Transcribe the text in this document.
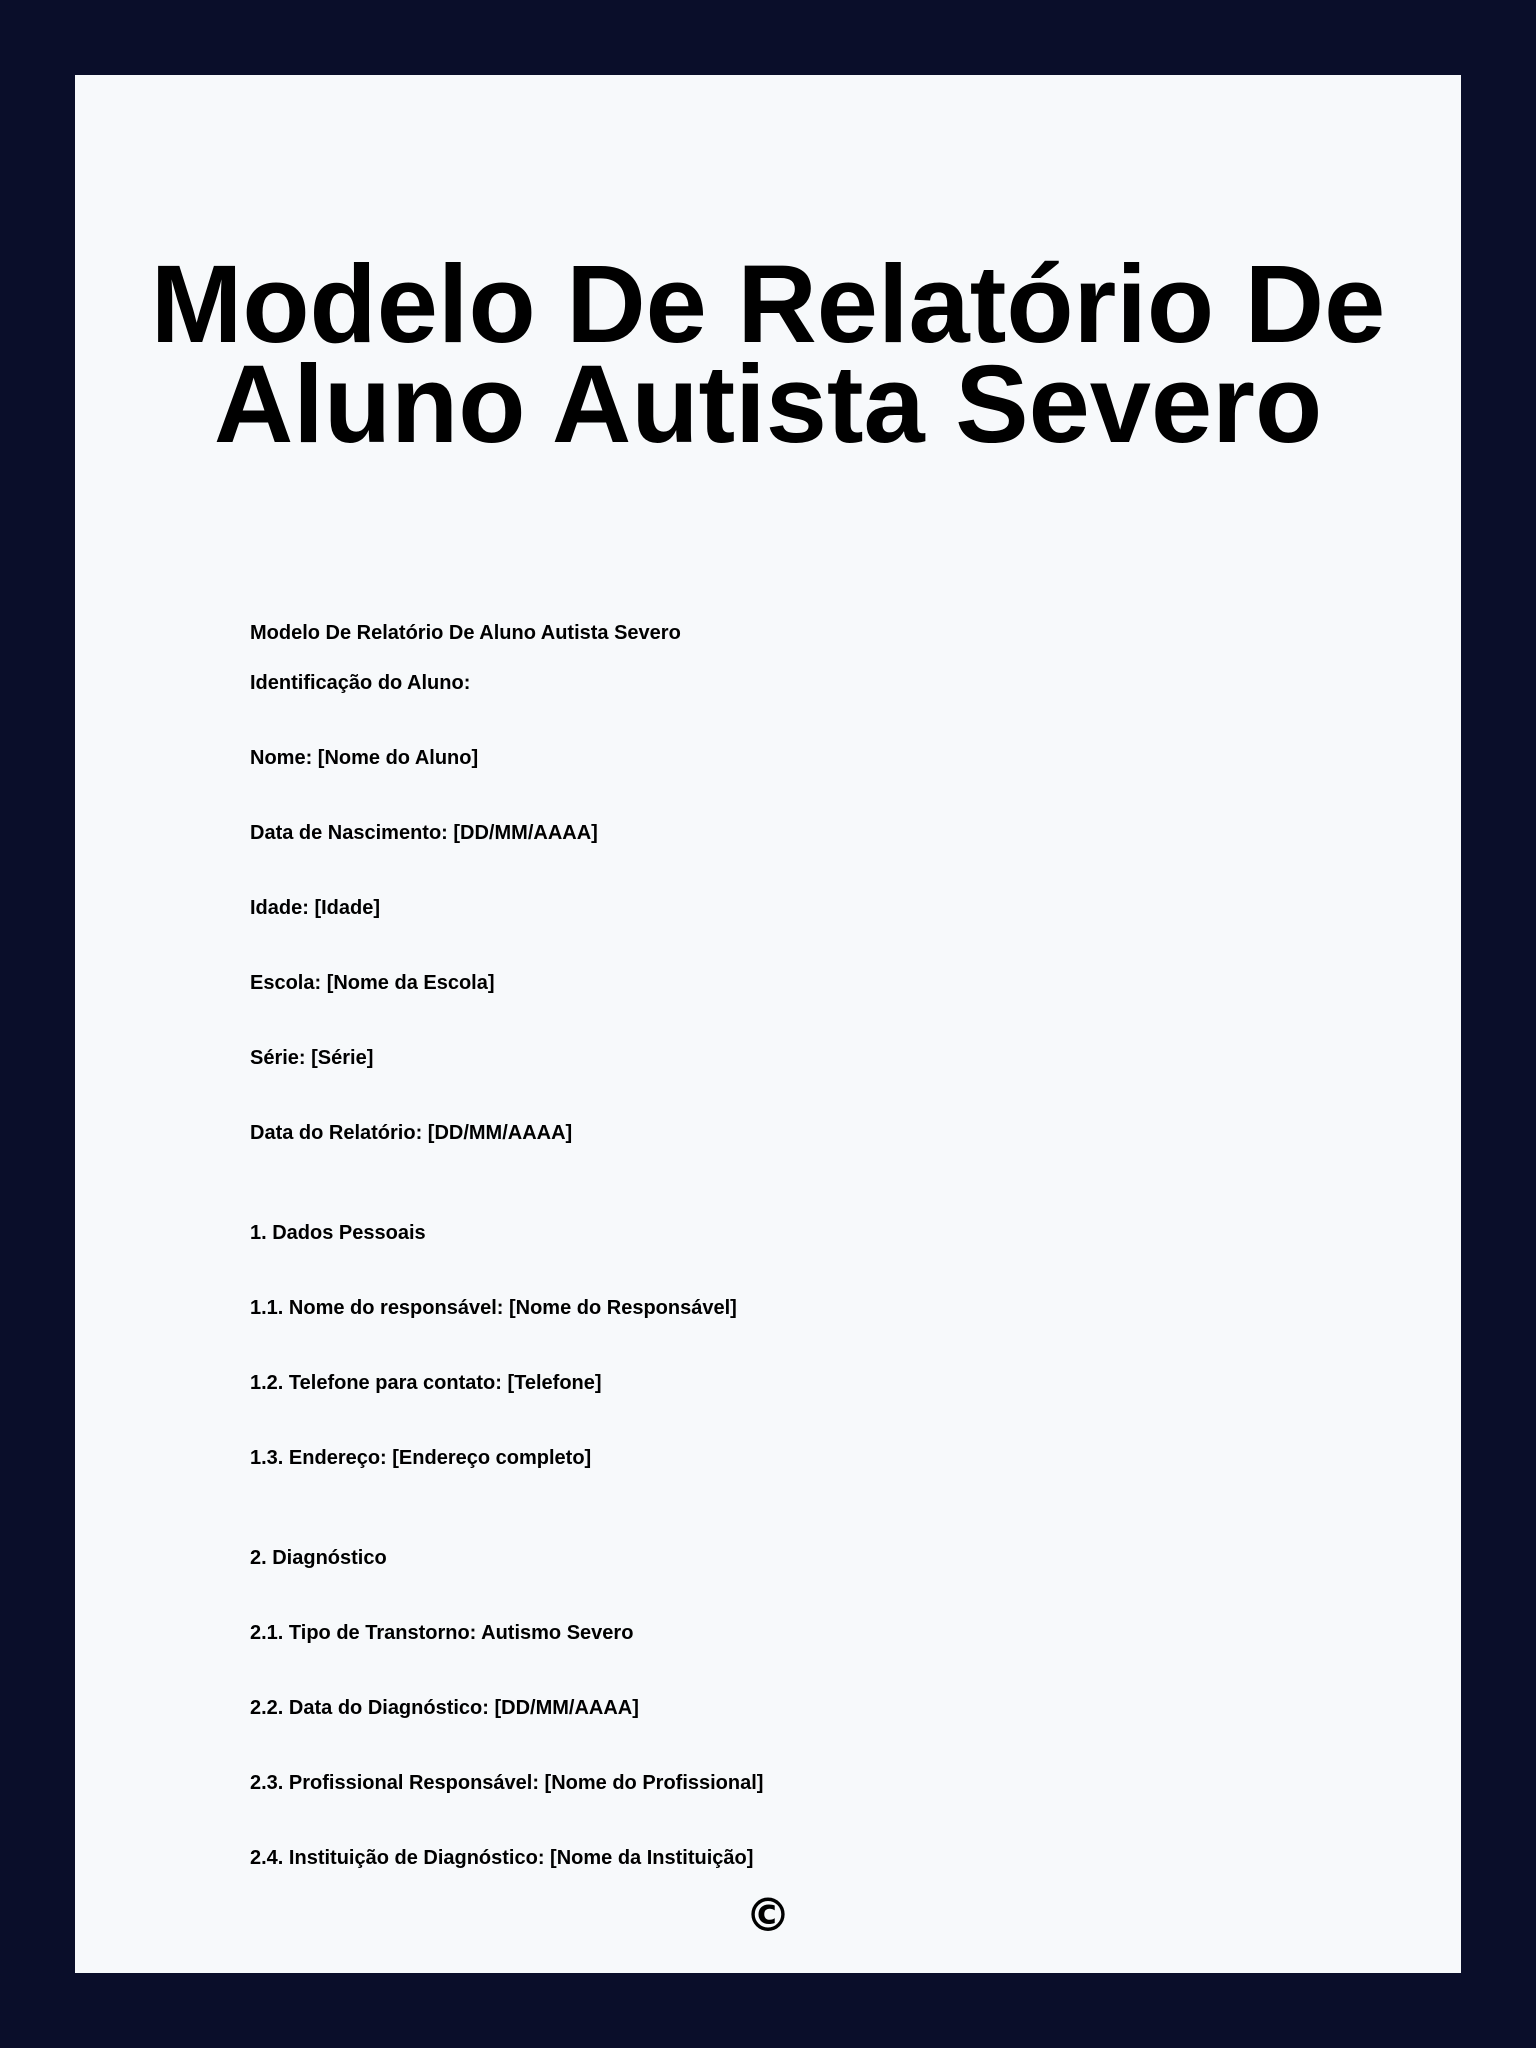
Modelo De Relatório De
Aluno Autista Severo
Modelo De Relatório De Aluno Autista Severo
Identificação do Aluno:
Nome: [Nome do Aluno]
Data de Nascimento: [DD/MM/AAAA]
Idade: [Idade]
Escola: [Nome da Escola]
Série: [Série]
Data do Relatório: [DD/MM/AAAA]
1. Dados Pessoais
1.1. Nome do responsável: [Nome do Responsável]
1.2. Telefone para contato: [Telefone]
1.3. Endereço: [Endereço completo]
2. Diagnóstico
2.1. Tipo de Transtorno: Autismo Severo
2.2. Data do Diagnóstico: [DD/MM/AAAA]
2.3. Profissional Responsável: [Nome do Profissional]
2.4. Instituição de Diagnóstico: [Nome da Instituição]
©
